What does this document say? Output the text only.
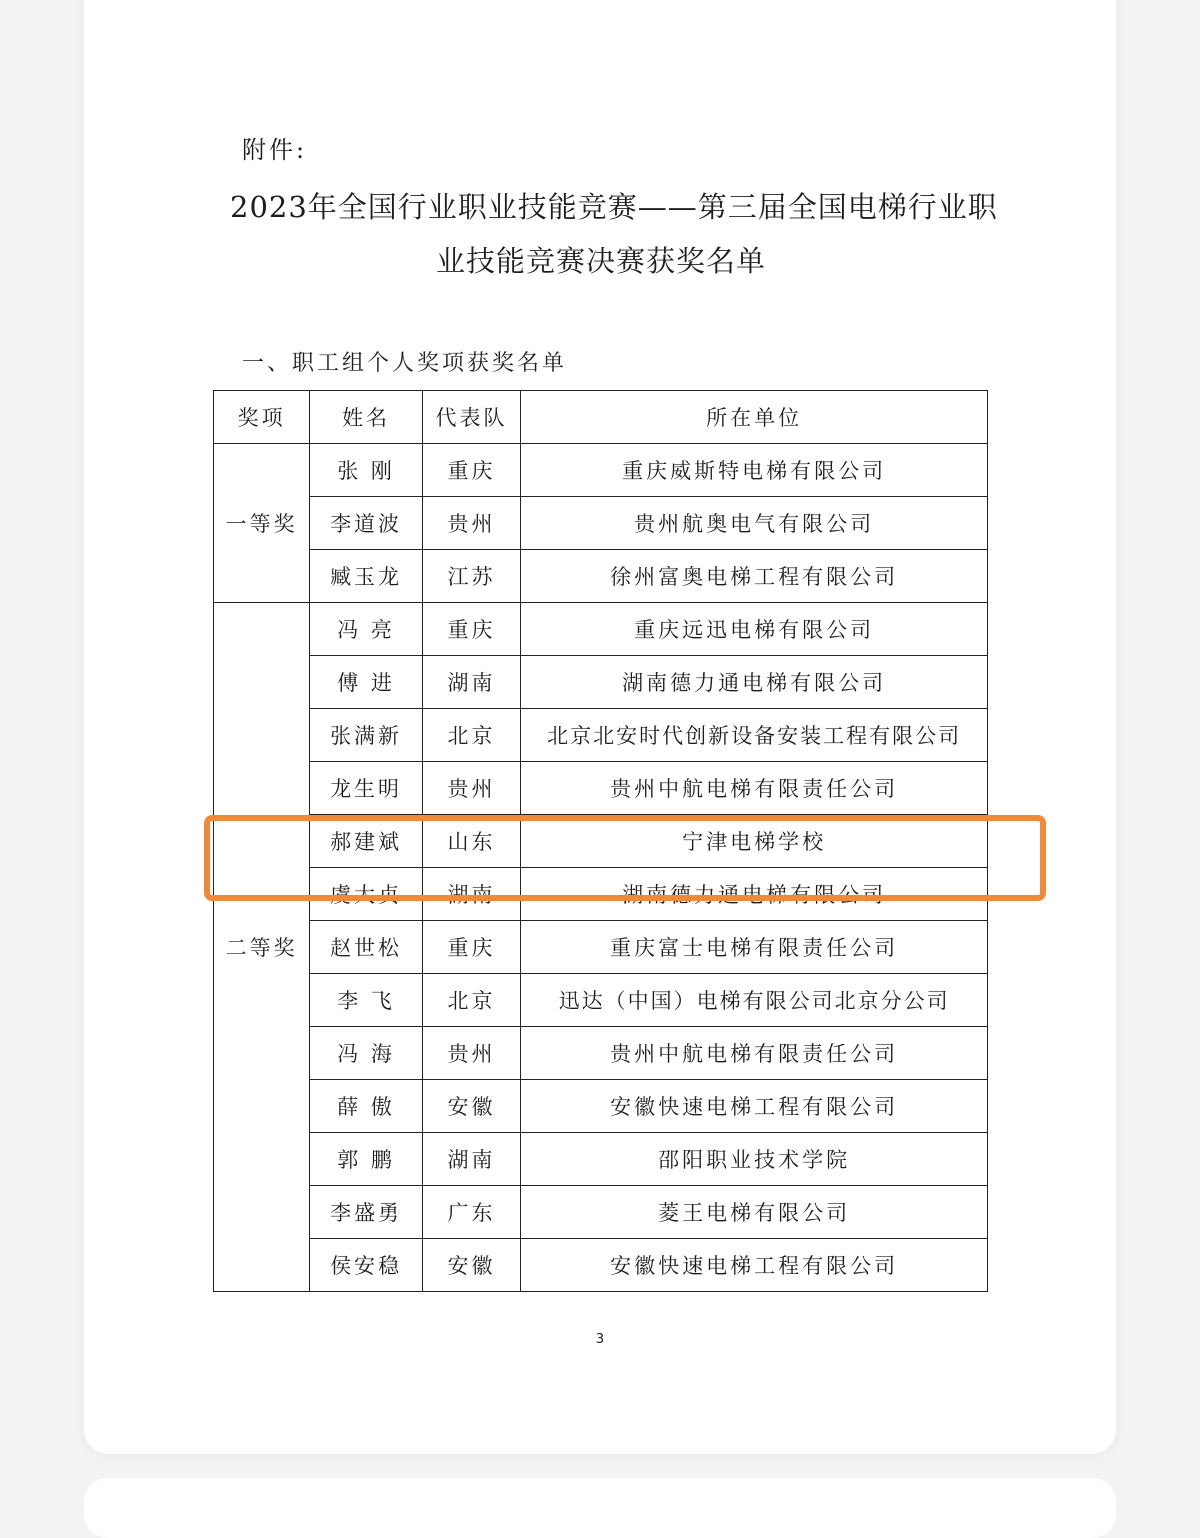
附件:
2023年全国行业职业技能竞赛——第三届全国电梯行业职
业技能竞赛决赛获奖名单
一、职工组个人奖项获奖名单
奖项	姓名	代表队	所在单位
一等奖	张 刚	重庆	重庆威斯特电梯有限公司
	李道波	贵州	贵州航奥电气有限公司
	臧玉龙	江苏	徐州富奥电梯工程有限公司
二等奖	冯 亮	重庆	重庆远迅电梯有限公司
	傅 进	湖南	湖南德力通电梯有限公司
	张满新	北京	北京北安时代创新设备安装工程有限公司
	龙生明	贵州	贵州中航电梯有限责任公司
	郝建斌	山东	宁津电梯学校
	虞大贞	湖南	湖南德力通电梯有限公司
	赵世松	重庆	重庆富士电梯有限责任公司
	李 飞	北京	迅达（中国）电梯有限公司北京分公司
	冯 海	贵州	贵州中航电梯有限责任公司
	薛 傲	安徽	安徽快速电梯工程有限公司
	郭 鹏	湖南	邵阳职业技术学院
	李盛勇	广东	菱王电梯有限公司
	侯安稳	安徽	安徽快速电梯工程有限公司
3
